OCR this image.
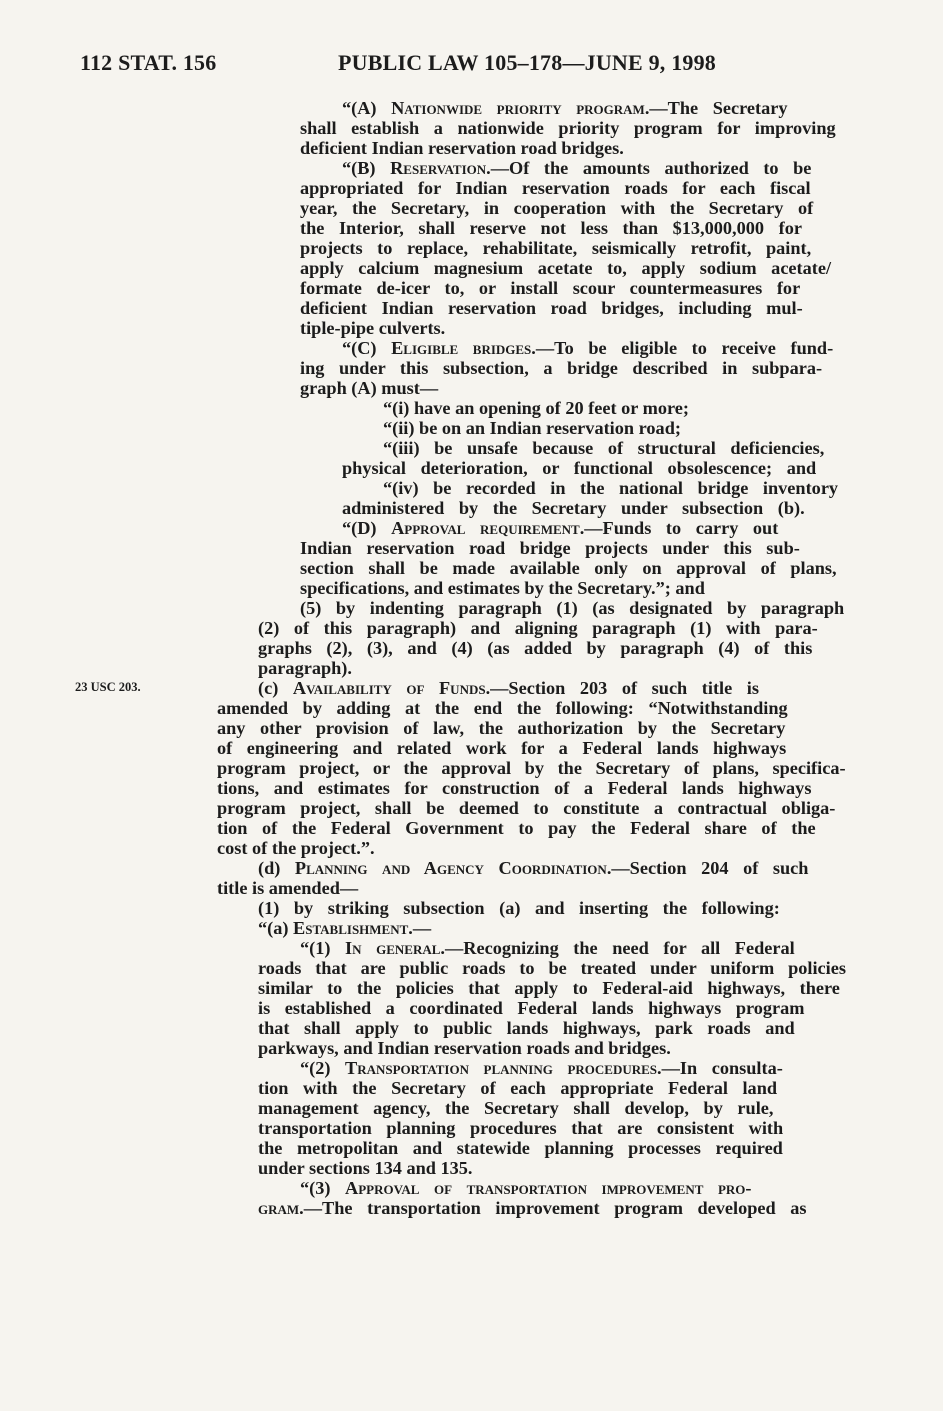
112 STAT. 156	PUBLIC LAW 105–178—JUNE 9, 1998
23 USC 203.
“(A) Nationwide priority program.—The Secretary
shall establish a nationwide priority program for improving
deficient Indian reservation road bridges.
“(B) Reservation.—Of the amounts authorized to be
appropriated for Indian reservation roads for each fiscal
year, the Secretary, in cooperation with the Secretary of
the Interior, shall reserve not less than $13,000,000 for
projects to replace, rehabilitate, seismically retrofit, paint,
apply calcium magnesium acetate to, apply sodium acetate/
formate de-icer to, or install scour countermeasures for
deficient Indian reservation road bridges, including mul-
tiple-pipe culverts.
“(C) Eligible bridges.—To be eligible to receive fund-
ing under this subsection, a bridge described in subpara-
graph (A) must—
“(i) have an opening of 20 feet or more;
“(ii) be on an Indian reservation road;
“(iii) be unsafe because of structural deficiencies,
physical deterioration, or functional obsolescence; and
“(iv) be recorded in the national bridge inventory
administered by the Secretary under subsection (b).
“(D) Approval requirement.—Funds to carry out
Indian reservation road bridge projects under this sub-
section shall be made available only on approval of plans,
specifications, and estimates by the Secretary.”; and
(5) by indenting paragraph (1) (as designated by paragraph
(2) of this paragraph) and aligning paragraph (1) with para-
graphs (2), (3), and (4) (as added by paragraph (4) of this
paragraph).
(c) Availability of Funds.—Section 203 of such title is
amended by adding at the end the following: “Notwithstanding
any other provision of law, the authorization by the Secretary
of engineering and related work for a Federal lands highways
program project, or the approval by the Secretary of plans, specifica-
tions, and estimates for construction of a Federal lands highways
program project, shall be deemed to constitute a contractual obliga-
tion of the Federal Government to pay the Federal share of the
cost of the project.”.
(d) Planning and Agency Coordination.—Section 204 of such
title is amended—
(1) by striking subsection (a) and inserting the following:
“(a) Establishment.—
“(1) In general.—Recognizing the need for all Federal
roads that are public roads to be treated under uniform policies
similar to the policies that apply to Federal-aid highways, there
is established a coordinated Federal lands highways program
that shall apply to public lands highways, park roads and
parkways, and Indian reservation roads and bridges.
“(2) Transportation planning procedures.—In consulta-
tion with the Secretary of each appropriate Federal land
management agency, the Secretary shall develop, by rule,
transportation planning procedures that are consistent with
the metropolitan and statewide planning processes required
under sections 134 and 135.
“(3) Approval of transportation improvement pro-
gram.—The transportation improvement program developed as
